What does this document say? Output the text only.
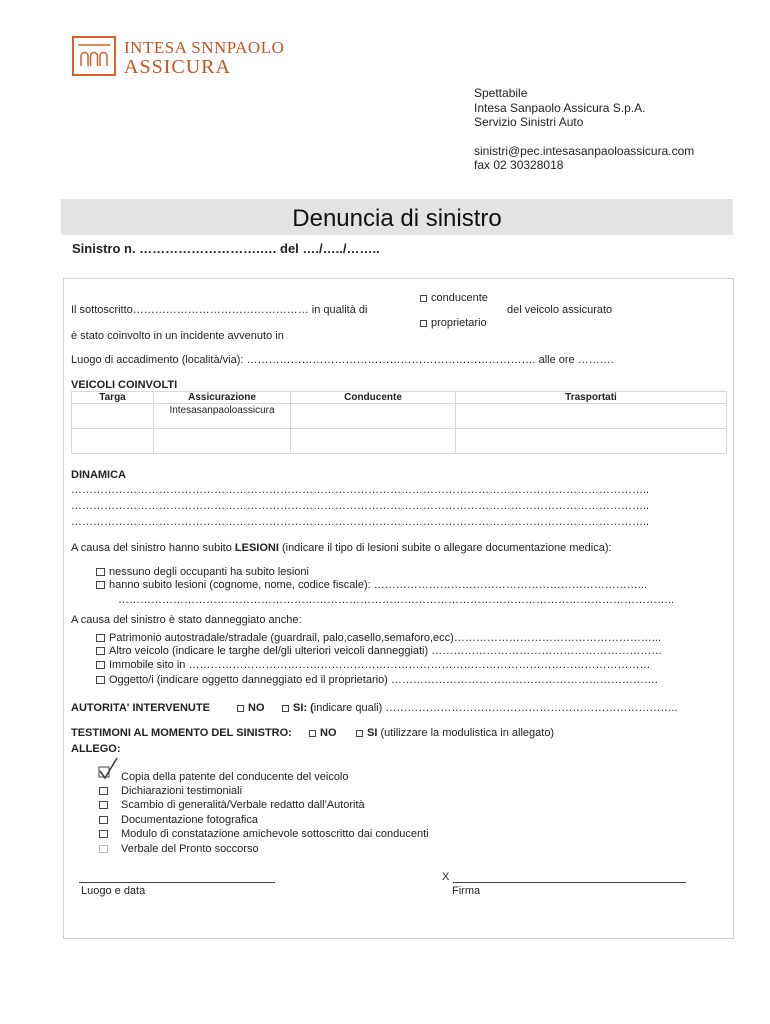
INTESA SNNPAOLO
ASSICURA
Spettabile
Intesa Sanpaolo Assicura S.p.A.
Servizio Sinistri Auto
sinistri@pec.intesasanpaoloassicura.com
fax 02 30328018
Denuncia di sinistro
Sinistro n. ……………………….…. del …./…../……..
conducente
Il sottoscritto………………………………………… in qualità di	del veicolo assicurato
proprietario
è stato coinvolto in un incidente avvenuto in
Luogo di accadimento (località/via): ……………………………………………………………………. alle ore ……….
VEICOLI COINVOLTI
Targa	Assicurazione	Conducente	Trasportati
	Intesasanpaoloassicura		

DINAMICA
…………………………………………………………………………………………………………………………………………..
…………………………………………………………………………………………………………………………………………..
…………………………………………………………………………………………………………………………………………..
A causa del sinistro hanno subito LESIONI (indicare il tipo di lesioni subite o allegare documentazione medica):
nessuno degli occupanti ha subito lesioni
hanno subito lesioni (cognome, nome, codice fiscale): ………………………………………………………………...
……………………………………………………………………………………………………………………………………..
A causa del sinistro è stato danneggiato anche:
Patrimonio autostradale/stradale (guardrail, palo,casello,semaforo,ecc)………………………………………………...
Altro veicolo (indicare le targhe del/gli ulteriori veicoli danneggiati) ………………………………………………………
Immobile sito in ………………………………………………………………………………………………………………
Oggetto/i (indicare oggetto danneggiato ed il proprietario) ……………………………………………………………….
AUTORITA' INTERVENUTE	NO	SI: (indicare quali) ……………………………………………………………………..
TESTIMONI AL MOMENTO DEL SINISTRO:	NO	SI (utilizzare la modulistica in allegato)
ALLEGO:
Copia della patente del conducente del veicolo
Dichiarazioni testimoniali
Scambio di generalità/Verbale redatto dall'Autorità
Documentazione fotografica
Modulo di constatazione amichevole sottoscritto dai conducenti
Verbale del Pronto soccorso
Luogo e data
X
Firma
